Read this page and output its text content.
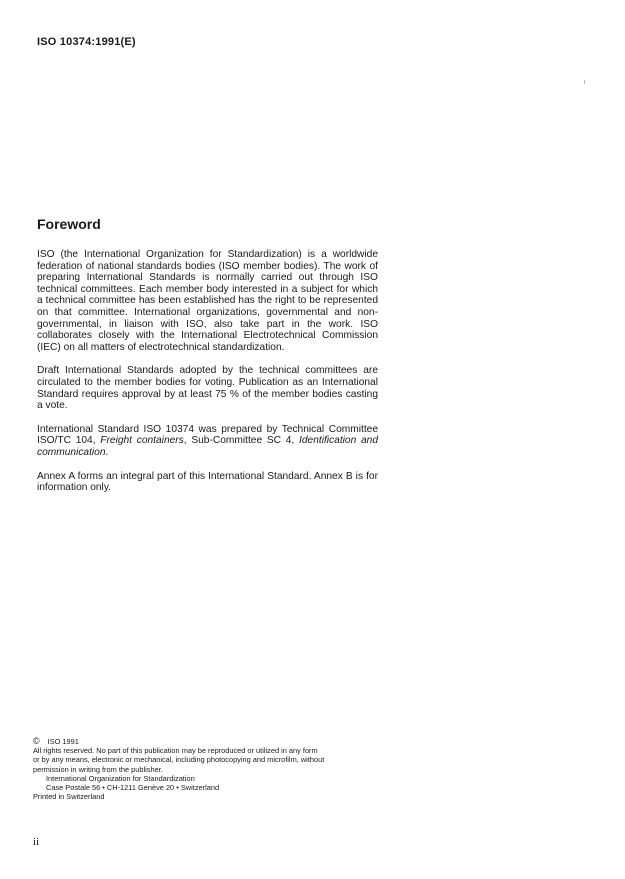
ISO 10374:1991(E)
Foreword

ISO (the International Organization for Standardization) is a worldwide federation of national standards bodies (ISO member bodies). The work of preparing International Standards is normally carried out through ISO technical committees. Each member body interested in a subject for which a technical committee has been established has the right to be represented on that committee. International organizations, governmental and non-governmental, in liaison with ISO, also take part in the work. ISO collaborates closely with the International Electrotechnical Commission (IEC) on all matters of electrotechnical standardization.

Draft International Standards adopted by the technical committees are circulated to the member bodies for voting. Publication as an International Standard requires approval by at least 75 % of the member bodies casting a vote.

International Standard ISO 10374 was prepared by Technical Committee ISO/TC 104, Freight containers, Sub-Committee SC 4, Identification and communication.

Annex A forms an integral part of this International Standard. Annex B is for information only.

© ISO 1991
All rights reserved. No part of this publication may be reproduced or utilized in any form
or by any means, electronic or mechanical, including photocopying and microfilm, without
permission in writing from the publisher.
International Organization for Standardization
Case Postale 56 • CH-1211 Genève 20 • Switzerland
Printed in Switzerland
ii
